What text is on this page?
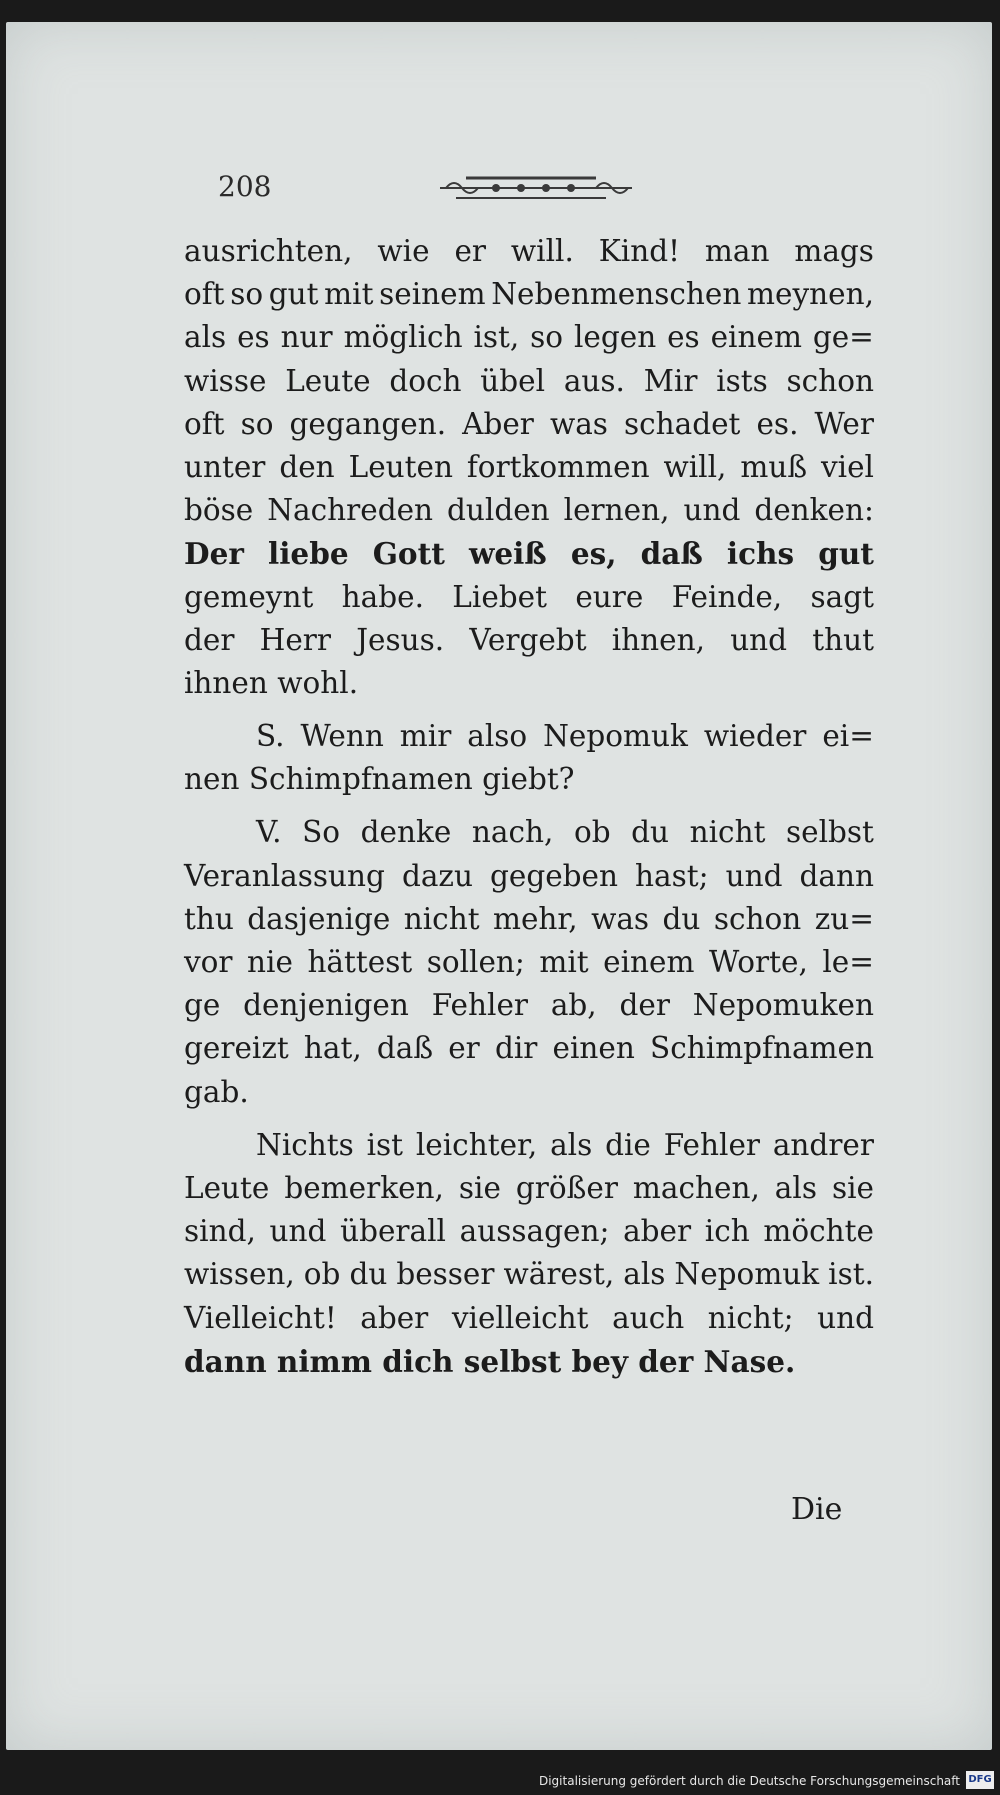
208
ausrichten, wie er will. Kind! man mags
oft so gut mit seinem Nebenmenschen meynen,
als es nur möglich ist, so legen es einem ge=
wisse Leute doch übel aus. Mir ists schon
oft so gegangen. Aber was schadet es. Wer
unter den Leuten fortkommen will, muß viel
böse Nachreden dulden lernen, und denken:
Der liebe Gott weiß es, daß ichs gut
gemeynt habe. Liebet eure Feinde, sagt
der Herr Jesus. Vergebt ihnen, und thut
ihnen wohl.
S. Wenn mir also Nepomuk wieder ei=
nen Schimpfnamen giebt?
V. So denke nach, ob du nicht selbst
Veranlassung dazu gegeben hast; und dann
thu dasjenige nicht mehr, was du schon zu=
vor nie hättest sollen; mit einem Worte, le=
ge denjenigen Fehler ab, der Nepomuken
gereizt hat, daß er dir einen Schimpfnamen
gab.
Nichts ist leichter, als die Fehler andrer
Leute bemerken, sie größer machen, als sie
sind, und überall aussagen; aber ich möchte
wissen, ob du besser wärest, als Nepomuk ist.
Vielleicht! aber vielleicht auch nicht; und
dann nimm dich selbst bey der Nase.
Die
Digitalisierung gefördert durch die Deutsche Forschungsgemeinschaft DFG
